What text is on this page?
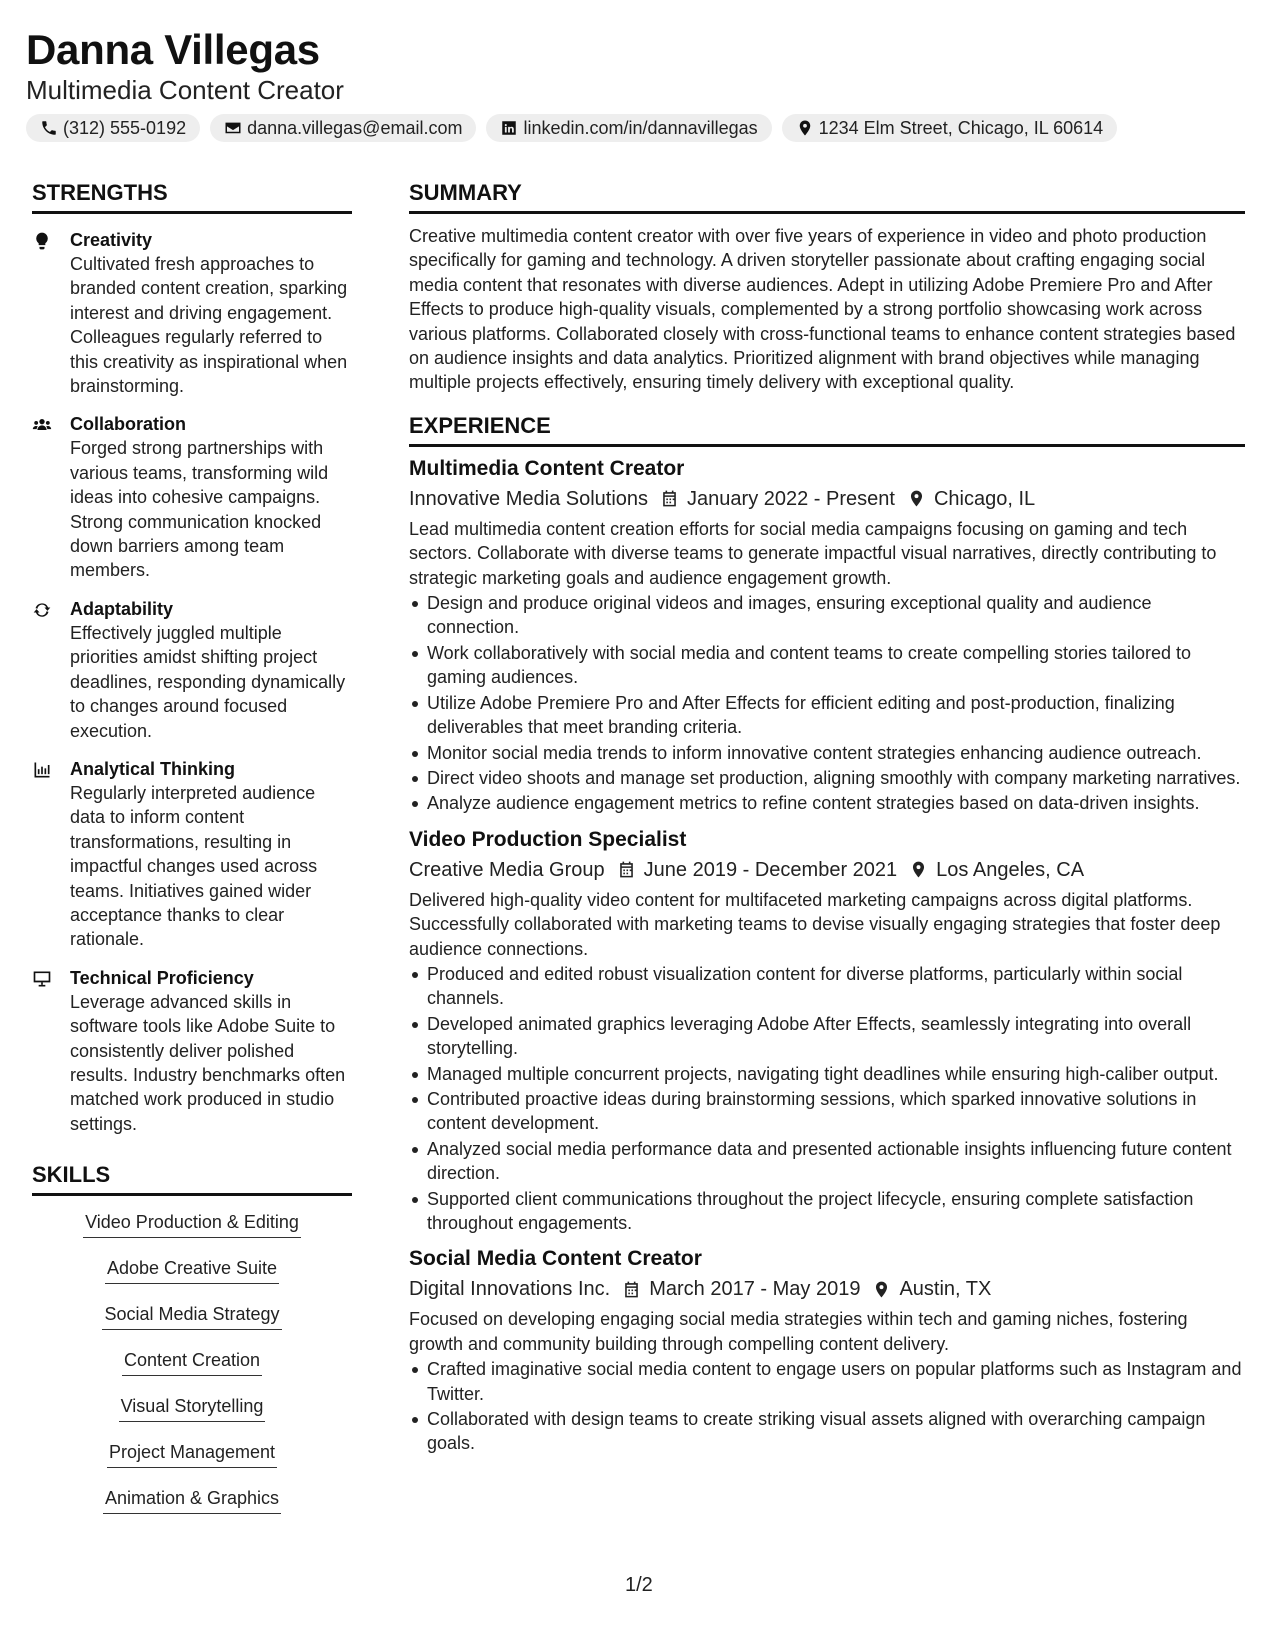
Danna Villegas
Multimedia Content Creator
(312) 555-0192	danna.villegas@email.com	linkedin.com/in/dannavillegas	1234 Elm Street, Chicago, IL 60614
STRENGTHS
Creativity
Cultivated fresh approaches to branded content creation, sparking interest and driving engagement. Colleagues regularly referred to this creativity as inspirational when brainstorming.
Collaboration
Forged strong partnerships with various teams, transforming wild ideas into cohesive campaigns. Strong communication knocked down barriers among team members.
Adaptability
Effectively juggled multiple priorities amidst shifting project deadlines, responding dynamically to changes around focused execution.
Analytical Thinking
Regularly interpreted audience data to inform content transformations, resulting in impactful changes used across teams. Initiatives gained wider acceptance thanks to clear rationale.
Technical Proficiency
Leverage advanced skills in software tools like Adobe Suite to consistently deliver polished results. Industry benchmarks often matched work produced in studio settings.
SKILLS
Video Production & Editing
Adobe Creative Suite
Social Media Strategy
Content Creation
Visual Storytelling
Project Management
Animation & Graphics
SUMMARY
Creative multimedia content creator with over five years of experience in video and photo production specifically for gaming and technology. A driven storyteller passionate about crafting engaging social media content that resonates with diverse audiences. Adept in utilizing Adobe Premiere Pro and After Effects to produce high-quality visuals, complemented by a strong portfolio showcasing work across various platforms. Collaborated closely with cross-functional teams to enhance content strategies based on audience insights and data analytics. Prioritized alignment with brand objectives while managing multiple projects effectively, ensuring timely delivery with exceptional quality.
EXPERIENCE
Multimedia Content Creator
Innovative Media Solutions January 2022 - Present Chicago, IL
Lead multimedia content creation efforts for social media campaigns focusing on gaming and tech sectors. Collaborate with diverse teams to generate impactful visual narratives, directly contributing to strategic marketing goals and audience engagement growth.
Design and produce original videos and images, ensuring exceptional quality and audience connection.
Work collaboratively with social media and content teams to create compelling stories tailored to gaming audiences.
Utilize Adobe Premiere Pro and After Effects for efficient editing and post-production, finalizing deliverables that meet branding criteria.
Monitor social media trends to inform innovative content strategies enhancing audience outreach.
Direct video shoots and manage set production, aligning smoothly with company marketing narratives.
Analyze audience engagement metrics to refine content strategies based on data-driven insights.
Video Production Specialist
Creative Media Group June 2019 - December 2021 Los Angeles, CA
Delivered high-quality video content for multifaceted marketing campaigns across digital platforms. Successfully collaborated with marketing teams to devise visually engaging strategies that foster deep audience connections.
Produced and edited robust visualization content for diverse platforms, particularly within social channels.
Developed animated graphics leveraging Adobe After Effects, seamlessly integrating into overall storytelling.
Managed multiple concurrent projects, navigating tight deadlines while ensuring high-caliber output.
Contributed proactive ideas during brainstorming sessions, which sparked innovative solutions in content development.
Analyzed social media performance data and presented actionable insights influencing future content direction.
Supported client communications throughout the project lifecycle, ensuring complete satisfaction throughout engagements.
Social Media Content Creator
Digital Innovations Inc. March 2017 - May 2019 Austin, TX
Focused on developing engaging social media strategies within tech and gaming niches, fostering growth and community building through compelling content delivery.
Crafted imaginative social media content to engage users on popular platforms such as Instagram and Twitter.
Collaborated with design teams to create striking visual assets aligned with overarching campaign goals.
1/2
